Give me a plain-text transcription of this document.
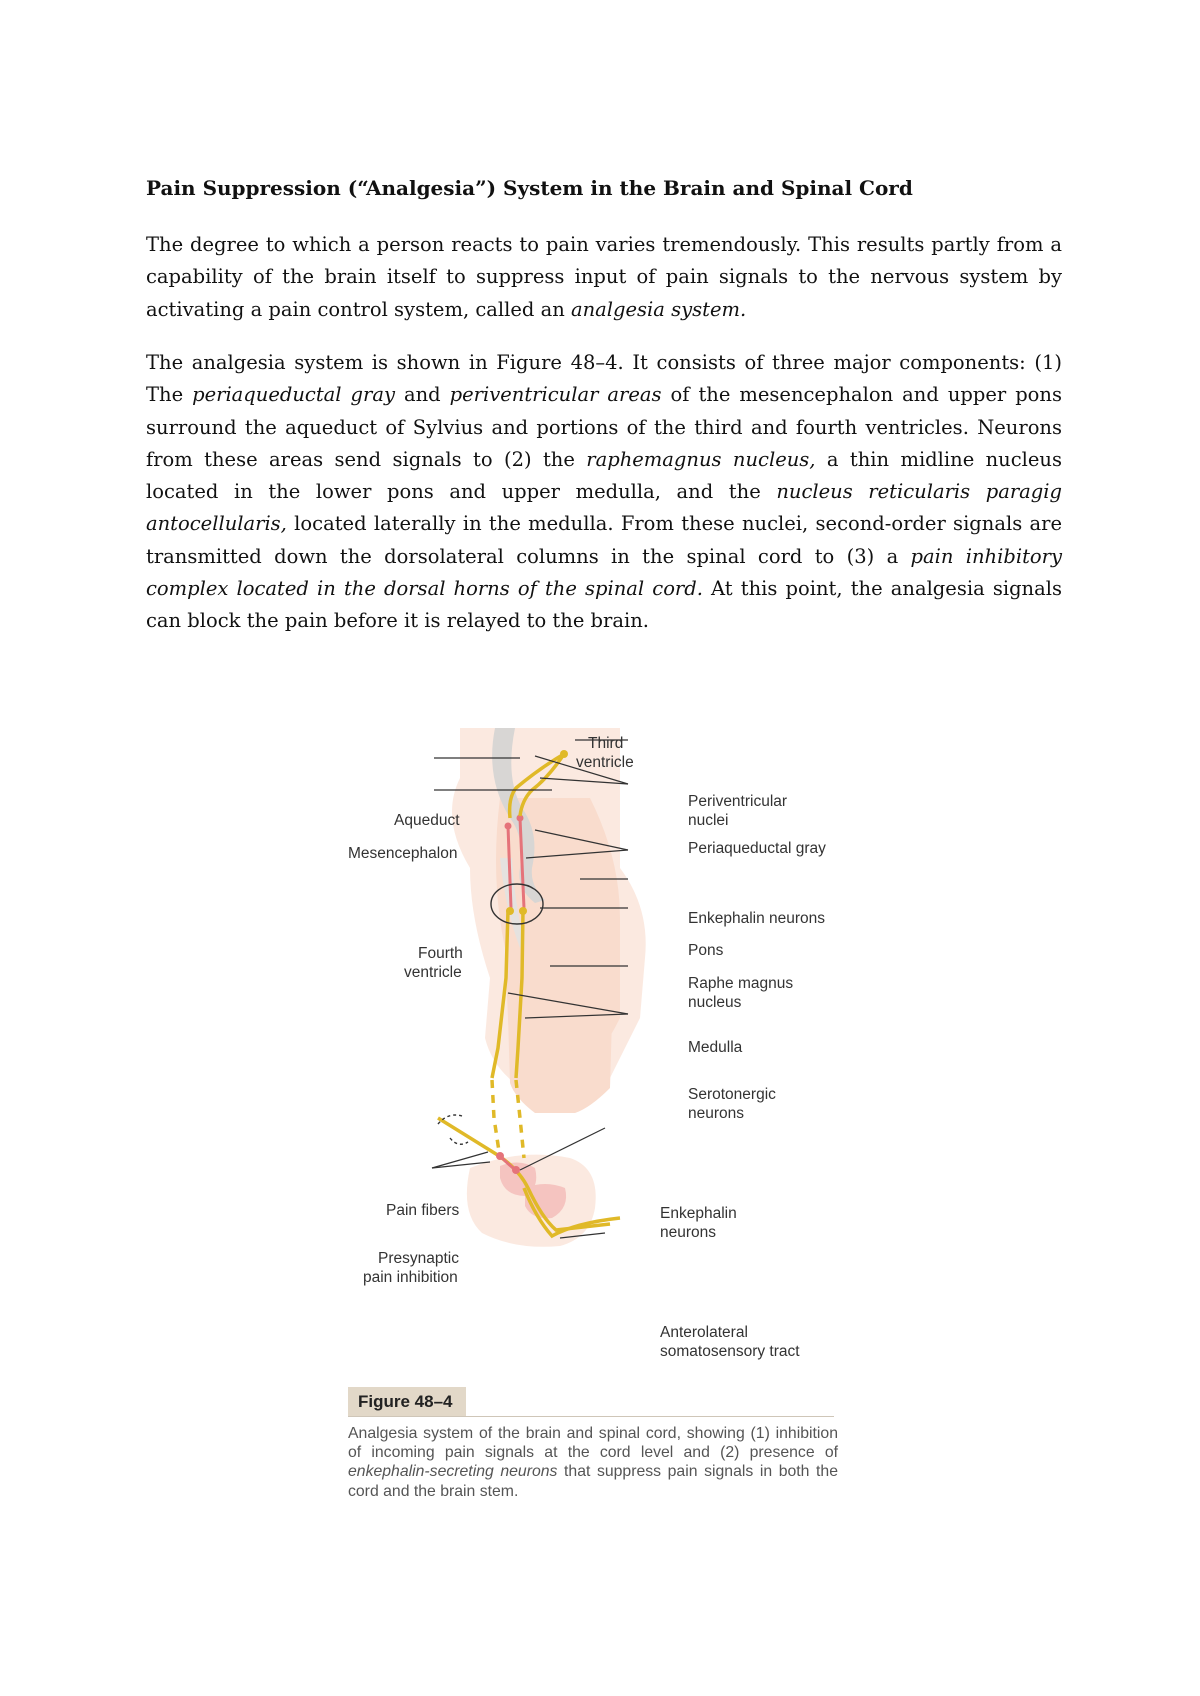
Pain Suppression (“Analgesia”) System in the Brain and Spinal Cord

The degree to which a person reacts to pain varies tremendously. This results partly from a capability of the brain itself to suppress input of pain signals to the nervous system by activating a pain control system, called an analgesia system.

The analgesia system is shown in Figure 48–4. It consists of three major components: (1) The periaqueductal gray and periventricular areas of the mesencephalon and upper pons surround the aqueduct of Sylvius and portions of the third and fourth ventricles. Neurons from these areas send signals to (2) the raphemagnus nucleus, a thin midline nucleus located in the lower pons and upper medulla, and the nucleus reticularis paragig antocellularis, located laterally in the medulla. From these nuclei, second-order signals are transmitted down the dorsolateral columns in the spinal cord to (3) a pain inhibitory complex located in the dorsal horns of the spinal cord. At this point, the analgesia signals can block the pain before it is relayed to the brain.

Third
ventricle
Aqueduct
Mesencephalon
Fourth
ventricle
Periventricular
nuclei
Periaqueductal gray
Enkephalin neurons
Pons
Raphe magnus
nucleus
Medulla
Serotonergic
neurons
Pain fibers
Presynaptic
pain inhibition
Enkephalin
neurons
Anterolateral
somatosensory tract
Figure 48–4

Analgesia system of the brain and spinal cord, showing (1) inhibition of incoming pain signals at the cord level and (2) presence of enkephalin-secreting neurons that suppress pain signals in both the cord and the brain stem.
